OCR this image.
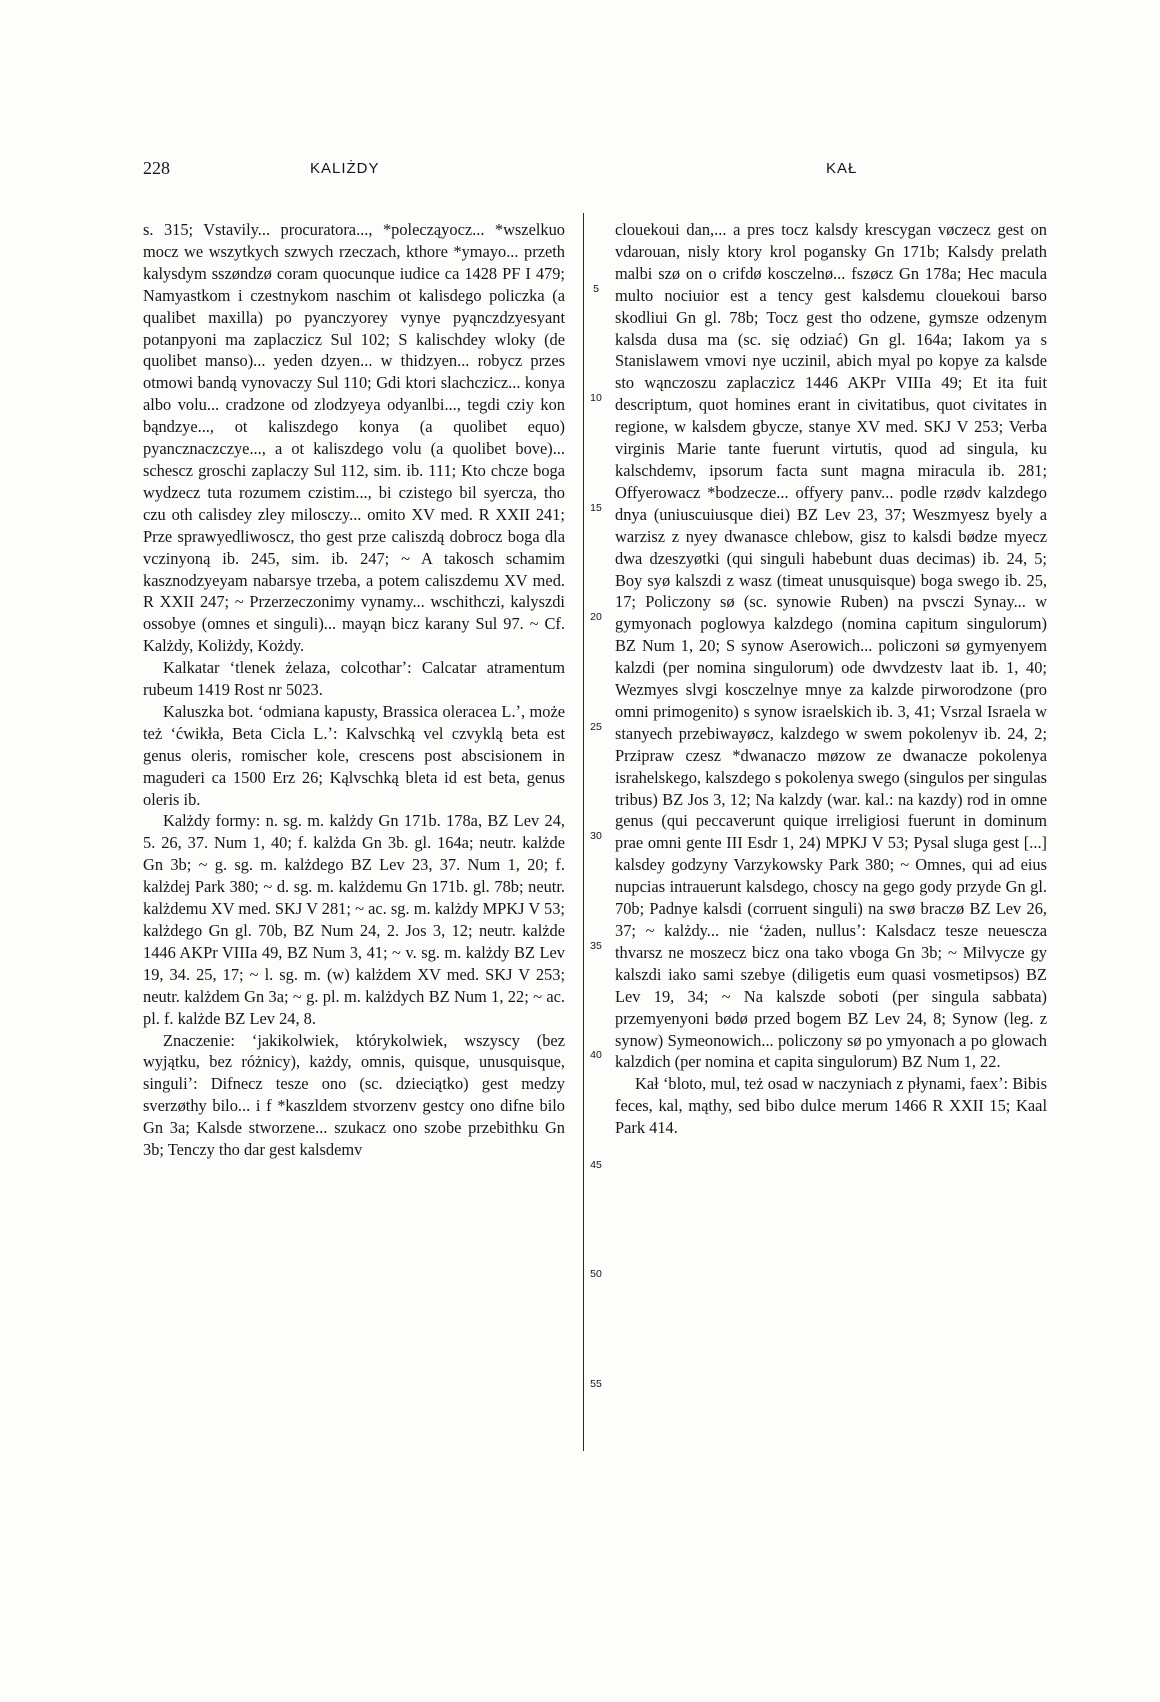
228	KALIŻDY	KAŁ

s. 315; Vstavily... procuratora..., *polecząyocz... *wszelkuo mocz we wszytkych szwych rzeczach, kthore *ymayo... przeth kalysdym sszøndzø coram quocunque iudice ca 1428 PF I 479; Namyastkom i czestnykom naschim ot kalisdego policzka (a qualibet maxilla) po pyanczyorey vynye pyąnczdzyesyant potanpyoni ma zaplaczicz Sul 102; S kalischdey wloky (de quolibet manso)... yeden dzyen... w thidzyen... robycz przes otmowi bandą vynovaczy Sul 110; Gdi ktori slachczicz... konya albo volu... cradzone od zlodzyeya odyanlbi..., tegdi cziy kon bąndzye..., ot kaliszdego konya (a quolibet equo) pyancznaczczye..., a ot kaliszdego volu (a quolibet bove)... schescz groschi zaplaczy Sul 112, sim. ib. 111; Kto chcze boga wydzecz tuta rozumem czistim..., bi czistego bil syercza, tho czu oth calisdey zley milosczy... omito XV med. R XXII 241; Prze sprawyedliwoscz, tho gest prze caliszdą dobrocz boga dla vczinyoną ib. 245, sim. ib. 247; ~ A takosch schamim kasznodzyeyam nabarsye trzeba, a potem caliszdemu XV med. R XXII 247; ~ Przerzeczonimy vynamy... wschithczi, kalyszdi ossobye (omnes et singuli)... mayąn bicz karany Sul 97. ~ Cf. Kalżdy, Koliżdy, Kożdy.

Kalkatar ʻtlenek żelaza, colcotharʼ: Calcatar atramentum rubeum 1419 Rost nr 5023.

Kaluszka bot. ʻodmiana kapusty, Brassica oleracea L.ʼ, może też ʻćwikła, Beta Cicla L.ʼ: Kalvschką vel czvyklą beta est genus oleris, romischer kole, crescens post abscisionem in maguderi ca 1500 Erz 26; Kąlvschką bleta id est beta, genus oleris ib.

Kalżdy formy: n. sg. m. kalżdy Gn 171b. 178a, BZ Lev 24, 5. 26, 37. Num 1, 40; f. kalżda Gn 3b. gl. 164a; neutr. kalżde Gn 3b; ~ g. sg. m. kalżdego BZ Lev 23, 37. Num 1, 20; f. kalżdej Park 380; ~ d. sg. m. kalżdemu Gn 171b. gl. 78b; neutr. kalżdemu XV med. SKJ V 281; ~ ac. sg. m. kalżdy MPKJ V 53; kalżdego Gn gl. 70b, BZ Num 24, 2. Jos 3, 12; neutr. kalżde 1446 AKPr VIIIa 49, BZ Num 3, 41; ~ v. sg. m. kalżdy BZ Lev 19, 34. 25, 17; ~ l. sg. m. (w) kalżdem XV med. SKJ V 253; neutr. kalżdem Gn 3a; ~ g. pl. m. kalżdych BZ Num 1, 22; ~ ac. pl. f. kalżde BZ Lev 24, 8.

Znaczenie: ʻjakikolwiek, którykolwiek, wszyscy (bez wyjątku, bez różnicy), każdy, omnis, quisque, unusquisque, singuliʼ: Difnecz tesze ono (sc. dzieciątko) gest medzy sverzøthy bilo... i f *kaszldem stvorzenv gestcy ono difne bilo Gn 3a; Kalsde stworzene... szukacz ono szobe przebithku Gn 3b; Tenczy tho dar gest kalsdemv

5
10
15
20
25
30
35
40
45
50
55

clouekoui dan,... a pres tocz kalsdy krescygan vøczecz gest on vdarouan, nisly ktory krol pogansky Gn 171b; Kalsdy prelath malbi szø on o crifdø kosczelnø... fszøcz Gn 178a; Hec macula multo nociuior est a tency gest kalsdemu clouekoui barso skodliui Gn gl. 78b; Tocz gest tho odzene, gymsze odzenym kalsda dusa ma (sc. się odziać) Gn gl. 164a; Iakom ya s Stanislawem vmovi nye uczinil, abich myal po kopye za kalsde sto wąnczoszu zaplaczicz 1446 AKPr VIIIa 49; Et ita fuit descriptum, quot homines erant in civitatibus, quot civitates in regione, w kalsdem gbycze, stanye XV med. SKJ V 253; Verba virginis Marie tante fuerunt virtutis, quod ad singula, ku kalschdemv, ipsorum facta sunt magna miracula ib. 281; Offyerowacz *bodzecze... offyery panv... podle rzødv kalzdego dnya (uniuscuiusque diei) BZ Lev 23, 37; Weszmyesz byely a warzisz z nyey dwanasce chlebow, gisz to kalsdi bødze myecz dwa dzeszyøtki (qui singuli habebunt duas decimas) ib. 24, 5; Boy syø kalszdi z wasz (timeat unusquisque) boga swego ib. 25, 17; Policzony sø (sc. synowie Ruben) na pvsczi Synay... w gymyonach poglowya kalzdego (nomina capitum singulorum) BZ Num 1, 20; S synow Aserowich... policzoni sø gymyenyem kalzdi (per nomina singulorum) ode dwvdzestv laat ib. 1, 40; Wezmyes slvgi kosczelnye mnye za kalzde pirworodzone (pro omni primogenito) s synow israelskich ib. 3, 41; Vsrzal Israela w stanyech przebiwayøcz, kalzdego w swem pokolenyv ib. 24, 2; Przipraw czesz *dwanaczo møzow ze dwanacze pokolenya israhelskego, kalszdego s pokolenya swego (singulos per singulas tribus) BZ Jos 3, 12; Na kalzdy (war. kal.: na kazdy) rod in omne genus (qui peccaverunt quique irreligiosi fuerunt in dominum prae omni gente III Esdr 1, 24) MPKJ V 53; Pysal sluga gest [...] kalsdey godzyny Varzykowsky Park 380; ~ Omnes, qui ad eius nupcias intrauerunt kalsdego, choscy na gego gody przyde Gn gl. 70b; Padnye kalsdi (corruent singuli) na swø braczø BZ Lev 26, 37; ~ kalżdy... nie ʻżaden, nullusʼ: Kalsdacz tesze neuescza thvarsz ne moszecz bicz ona tako vboga Gn 3b; ~ Milvycze gy kalszdi iako sami szebye (diligetis eum quasi vosmetipsos) BZ Lev 19, 34; ~ Na kalszde soboti (per singula sabbata) przemyenyoni bødø przed bogem BZ Lev 24, 8; Synow (leg. z synow) Symeonowich... policzony sø po ymyonach a po glowach kalzdich (per nomina et capita singulorum) BZ Num 1, 22.

Kał ʻbloto, mul, też osad w naczyniach z płynami, faexʼ: Bibis feces, kal, mąthy, sed bibo dulce merum 1466 R XXII 15; Kaal Park 414.
